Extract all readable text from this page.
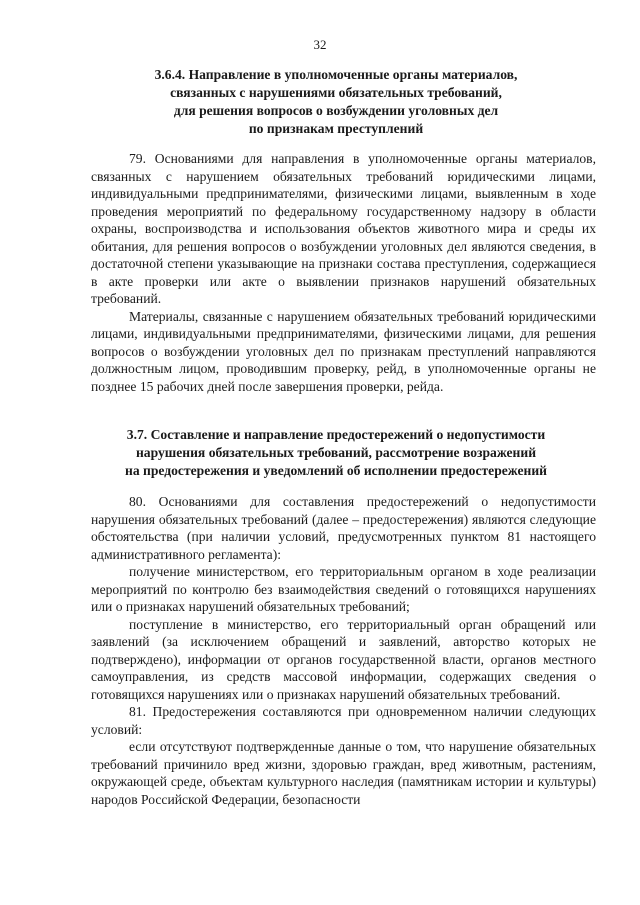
32
3.6.4. Направление в уполномоченные органы материалов,
связанных с нарушениями обязательных требований,
для решения вопросов о возбуждении уголовных дел
по признакам преступлений

79. Основаниями для направления в уполномоченные органы материалов, связанных с нарушением обязательных требований юридическими лицами, индивидуальными предпринимателями, физическими лицами, выявленным в ходе проведения мероприятий по федеральному государственному надзору в области охраны, воспроизводства и использования объектов животного мира и среды их обитания, для решения вопросов о возбуждении уголовных дел являются сведения, в достаточной степени указывающие на признаки состава преступления, содержащиеся в акте проверки или акте о выявлении признаков нарушений обязательных требований.

Материалы, связанные с нарушением обязательных требований юридическими лицами, индивидуальными предпринимателями, физическими лицами, для решения вопросов о возбуждении уголовных дел по признакам преступлений направляются должностным лицом, проводившим проверку, рейд, в уполномоченные органы не позднее 15 рабочих дней после завершения проверки, рейда.

3.7. Составление и направление предостережений о недопустимости
нарушения обязательных требований, рассмотрение возражений
на предостережения и уведомлений об исполнении предостережений

80. Основаниями для составления предостережений о недопустимости нарушения обязательных требований (далее – предостережения) являются следующие обстоятельства (при наличии условий, предусмотренных пунктом 81 настоящего административного регламента):

получение министерством, его территориальным органом в ходе реализации мероприятий по контролю без взаимодействия сведений о готовящихся нарушениях или о признаках нарушений обязательных требований;

поступление в министерство, его территориальный орган обращений или заявлений (за исключением обращений и заявлений, авторство которых не подтверждено), информации от органов государственной власти, органов местного самоуправления, из средств массовой информации, содержащих сведения о готовящихся нарушениях или о признаках нарушений обязательных требований.

81. Предостережения составляются при одновременном наличии следующих условий:

если отсутствуют подтвержденные данные о том, что нарушение обязательных требований причинило вред жизни, здоровью граждан, вред животным, растениям, окружающей среде, объектам культурного наследия (памятникам истории и культуры) народов Российской Федерации, безопасности
